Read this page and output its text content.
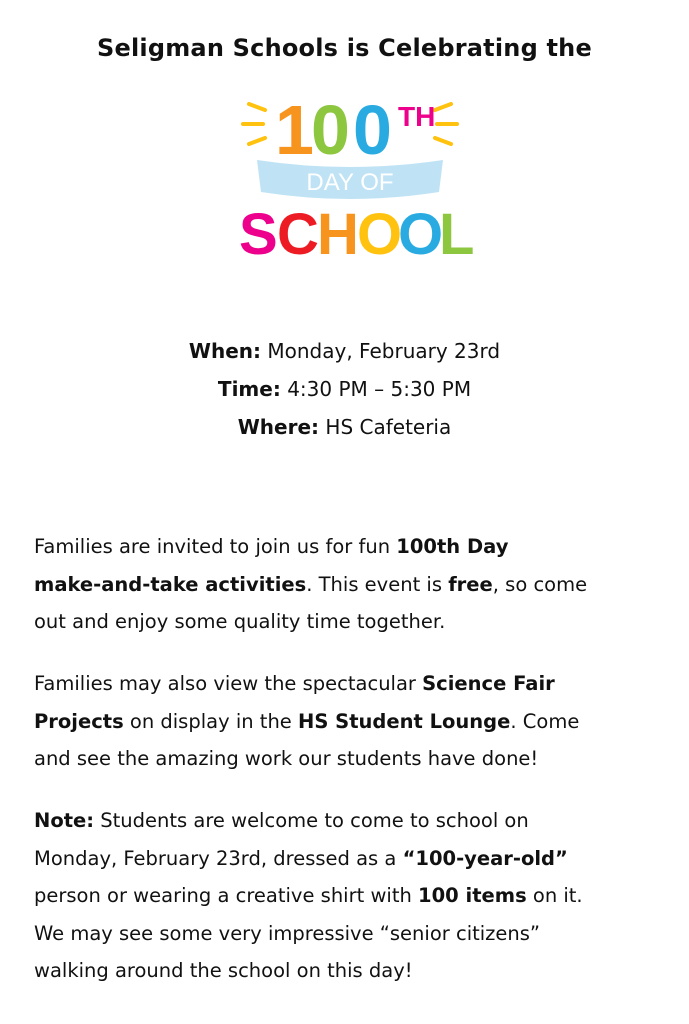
Seligman Schools is Celebrating the
1
0 0 TH
DAY OF
S C
H
O
O
L
When: Monday, February 23rd
Time: 4:30 PM – 5:30 PM
Where: HS Cafeteria
Families are invited to join us for fun 100th Day
make-and-take activities. This event is free, so come
out and enjoy some quality time together.
Families may also view the spectacular Science Fair
Projects on display in the HS Student Lounge. Come
and see the amazing work our students have done!
Note: Students are welcome to come to school on
Monday, February 23rd, dressed as a “100-year-old”
person or wearing a creative shirt with 100 items on it.
We may see some very impressive “senior citizens”
walking around the school on this day!
